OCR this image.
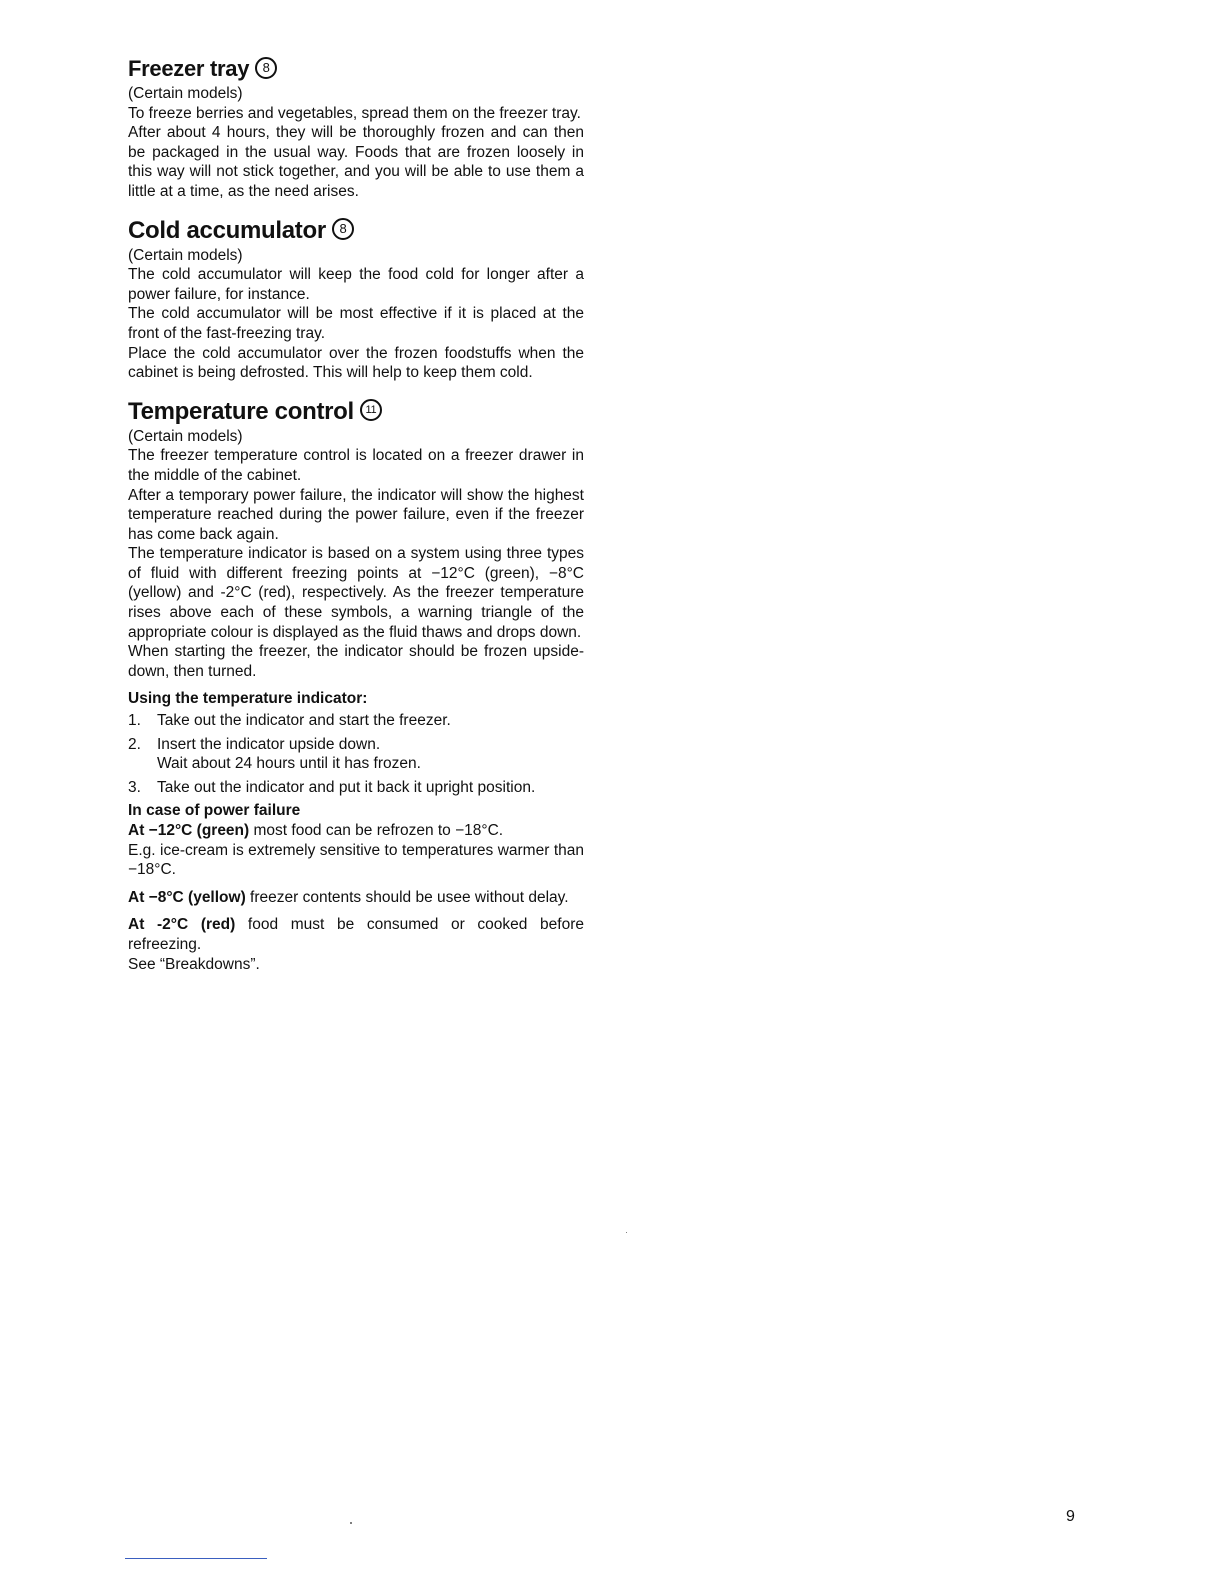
Freezer tray 8
(Certain models)

To freeze berries and vegetables, spread them on the freezer tray.

After about 4 hours, they will be thoroughly frozen and can then be packaged in the usual way. Foods that are frozen loosely in this way will not stick together, and you will be able to use them a little at a time, as the need arises.

Cold accumulator 8
(Certain models)

The cold accumulator will keep the food cold for longer after a power failure, for instance.

The cold accumulator will be most effective if it is placed at the front of the fast-freezing tray.

Place the cold accumulator over the frozen foodstuffs when the cabinet is being defrosted. This will help to keep them cold.

Temperature control 11
(Certain models)

The freezer temperature control is located on a freezer drawer in the middle of the cabinet.

After a temporary power failure, the indicator will show the highest temperature reached during the power failure, even if the freezer has come back again.

The temperature indicator is based on a system using three types of fluid with different freezing points at −12°C (green), −8°C (yellow) and -2°C (red), respectively. As the freezer temperature rises above each of these symbols, a warning triangle of the appropriate colour is displayed as the fluid thaws and drops down.

When starting the freezer, the indicator should be frozen upside-down, then turned.

Using the temperature indicator:
1.	Take out the indicator and start the freezer.
2.	Insert the indicator upside down.
Wait about 24 hours until it has frozen.
3.	Take out the indicator and put it back it upright position.
In case of power failure

At −12°C (green) most food can be refrozen to −18°C.

E.g. ice-cream is extremely sensitive to temperatures warmer than −18°C.

At −8°C (yellow) freezer contents should be usee without delay.

At -2°C (red) food must be consumed or cooked before refreezing.

See “Breakdowns”.

9
